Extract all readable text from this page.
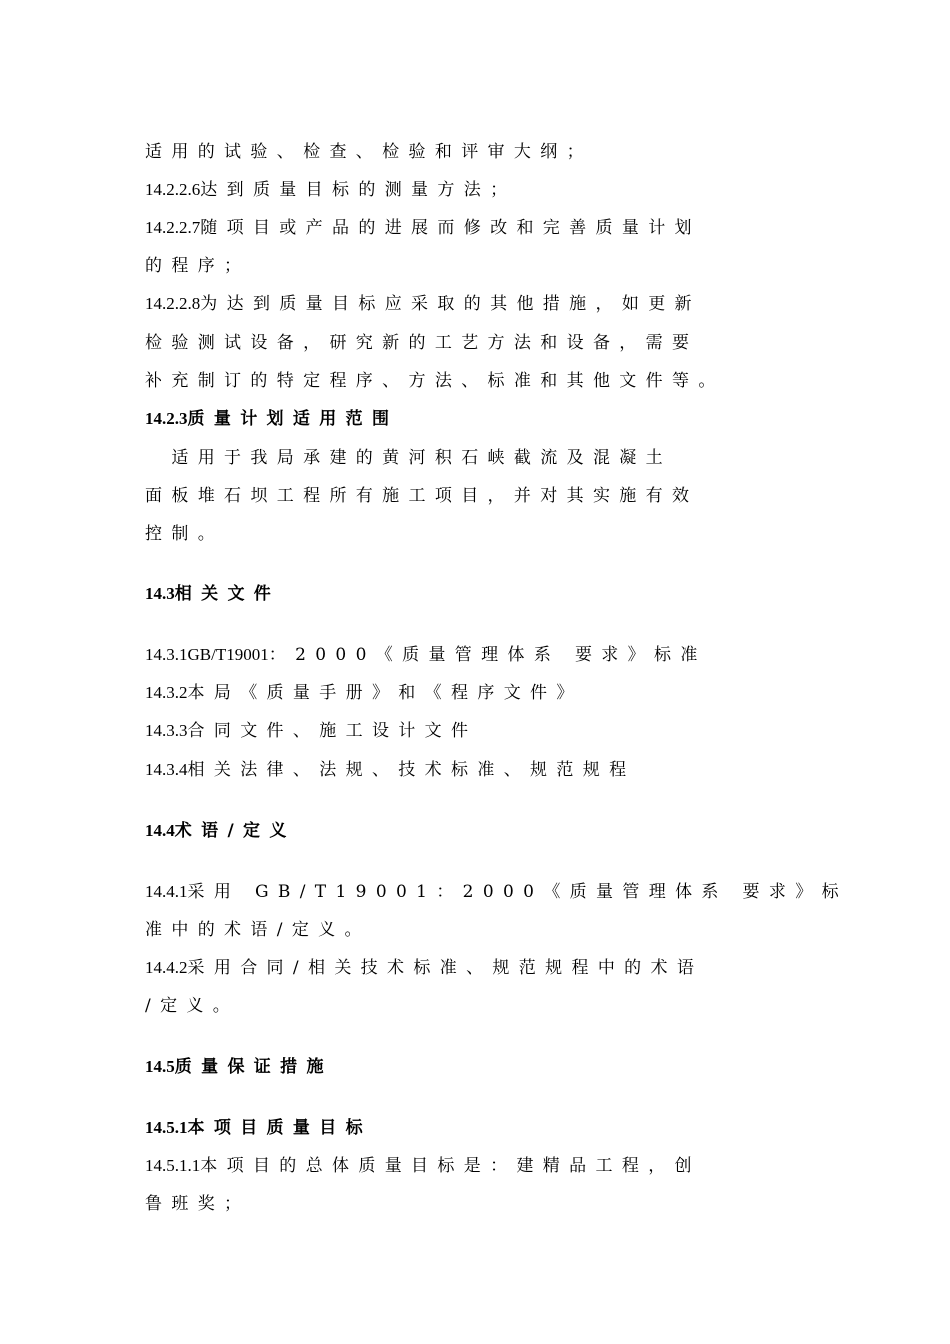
适用的试验、检查、检验和评审大纲；
14.2.2.6达到质量目标的测量方法；
14.2.2.7随项目或产品的进展而修改和完善质量计划
的程序；
14.2.2.8为达到质量目标应采取的其他措施，如更新
检验测试设备，研究新的工艺方法和设备，需要
补充制订的特定程序、方法、标准和其他文件等。
14.2.3质量计划适用范围
　适用于我局承建的黄河积石峡截流及混凝土
面板堆石坝工程所有施工项目，并对其实施有效
控制。
14.3相关文件
14.3.1GB/T19001：2000《质量管理体系 要求》标准
14.3.2本局《质量手册》和《程序文件》
14.3.3合同文件、施工设计文件
14.3.4相关法律、法规、技术标准、规范规程
14.4术语/定义
14.4.1采用 GB/T19001：2000《质量管理体系 要求》标
准中的术语/定义。
14.4.2采用合同/相关技术标准、规范规程中的术语
/定义。
14.5质量保证措施
14.5.1本项目质量目标
14.5.1.1本项目的总体质量目标是：建精品工程，创
鲁班奖；
